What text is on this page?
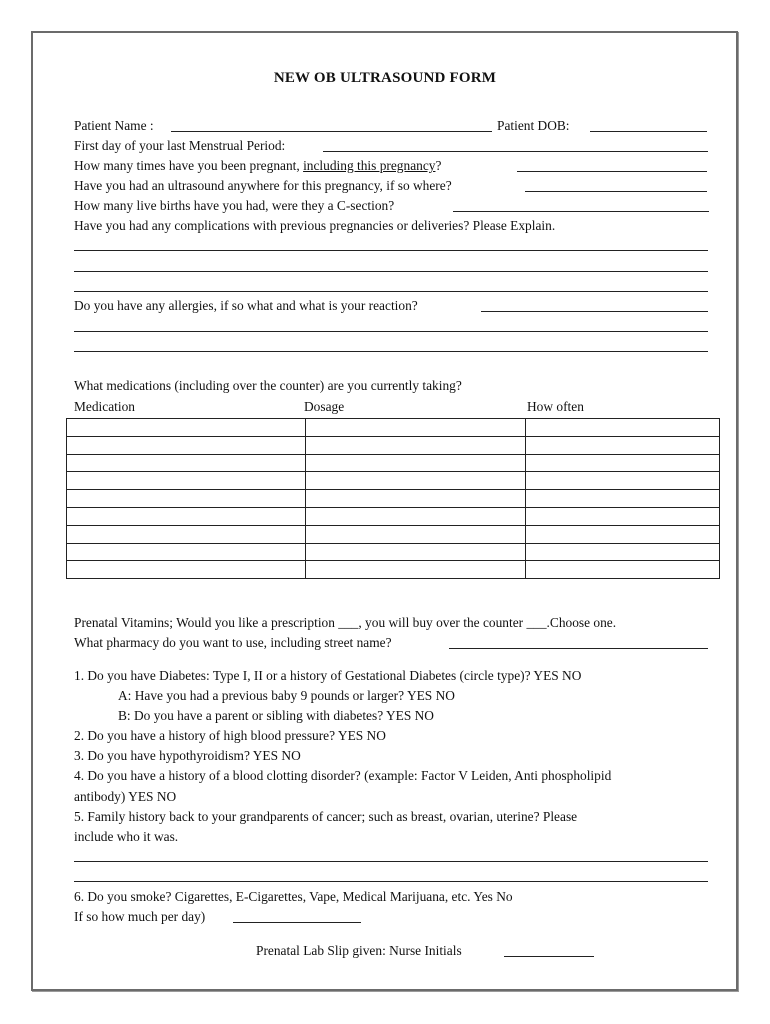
NEW OB ULTRASOUND FORM
Patient Name :	Patient DOB:
First day of your last Menstrual Period:
How many times have you been pregnant, including this pregnancy?
Have you had an ultrasound anywhere for this pregnancy, if so where?
How many live births have you had, were they a C-section?
Have you had any complications with previous pregnancies or deliveries? Please Explain.
Do you have any allergies, if so what and what is your reaction?
What medications (including over the counter) are you currently taking?
Medication	Dosage	How often

Prenatal Vitamins; Would you like a prescription ___, you will buy over the counter ___.Choose one.
What pharmacy do you want to use, including street name?
1. Do you have Diabetes: Type I, II or a history of Gestational Diabetes (circle type)? YES NO
A: Have you had a previous baby 9 pounds or larger? YES NO
B: Do you have a parent or sibling with diabetes? YES NO
2. Do you have a history of high blood pressure? YES NO
3. Do you have hypothyroidism? YES NO
4. Do you have a history of a blood clotting disorder? (example: Factor V Leiden, Anti phospholipid
antibody) YES NO
5. Family history back to your grandparents of cancer; such as breast, ovarian, uterine? Please
include who it was.
6. Do you smoke? Cigarettes, E-Cigarettes, Vape, Medical Marijuana, etc. Yes No
If so how much per day)
Prenatal Lab Slip given: Nurse Initials
